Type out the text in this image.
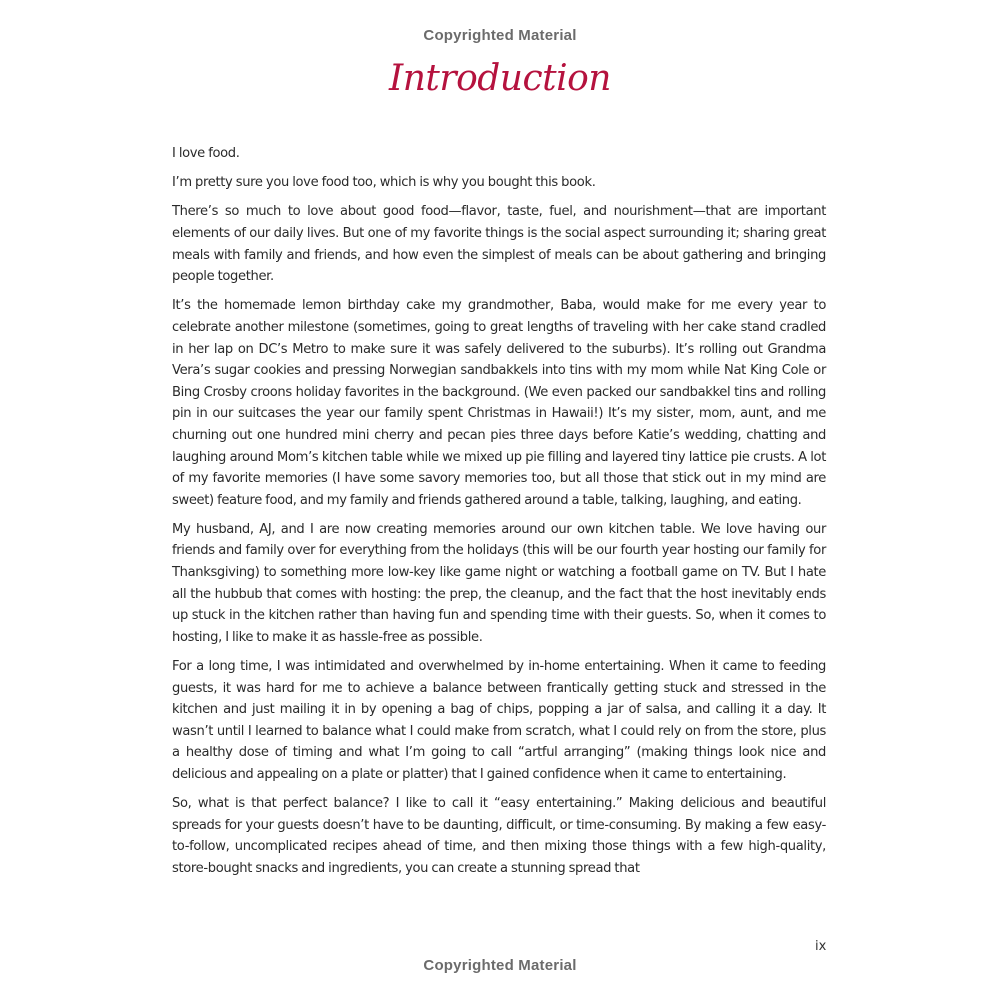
Copyrighted Material
Introduction

I love food.

I’m pretty sure you love food too, which is why you bought this book.

There’s so much to love about good food—flavor, taste, fuel, and nourishment—that are important elements of our daily lives. But one of my favorite things is the social aspect surrounding it; sharing great meals with family and friends, and how even the simplest of meals can be about gathering and bringing people together.

It’s the homemade lemon birthday cake my grandmother, Baba, would make for me every year to celebrate another milestone (sometimes, going to great lengths of traveling with her cake stand cradled in her lap on DC’s Metro to make sure it was safely delivered to the suburbs). It’s rolling out Grandma Vera’s sugar cookies and pressing Norwegian sandbakkels into tins with my mom while Nat King Cole or Bing Crosby croons holiday favorites in the background. (We even packed our sandbakkel tins and rolling pin in our suitcases the year our family spent Christmas in Hawaii!) It’s my sister, mom, aunt, and me churning out one hundred mini cherry and pecan pies three days before Katie’s wedding, chatting and laughing around Mom’s kitchen table while we mixed up pie filling and layered tiny lattice pie crusts. A lot of my favorite memories (I have some savory memories too, but all those that stick out in my mind are sweet) feature food, and my family and friends gathered around a table, talking, laughing, and eating.

My husband, AJ, and I are now creating memories around our own kitchen table. We love having our friends and family over for everything from the holidays (this will be our fourth year hosting our family for Thanksgiving) to something more low-key like game night or watching a football game on TV. But I hate all the hubbub that comes with hosting: the prep, the cleanup, and the fact that the host inevitably ends up stuck in the kitchen rather than having fun and spending time with their guests. So, when it comes to hosting, I like to make it as hassle-free as possible.

For a long time, I was intimidated and overwhelmed by in-home entertaining. When it came to feeding guests, it was hard for me to achieve a balance between frantically getting stuck and stressed in the kitchen and just mailing it in by opening a bag of chips, popping a jar of salsa, and calling it a day. It wasn’t until I learned to balance what I could make from scratch, what I could rely on from the store, plus a healthy dose of timing and what I’m going to call “artful arranging” (making things look nice and delicious and appealing on a plate or platter) that I gained confidence when it came to entertaining.

So, what is that perfect balance? I like to call it “easy entertaining.” Making delicious and beautiful spreads for your guests doesn’t have to be daunting, difficult, or time-consuming. By making a few easy-to-follow, uncomplicated recipes ahead of time, and then mixing those things with a few high-quality, store-bought snacks and ingredients, you can create a stunning spread that

ix
Copyrighted Material
